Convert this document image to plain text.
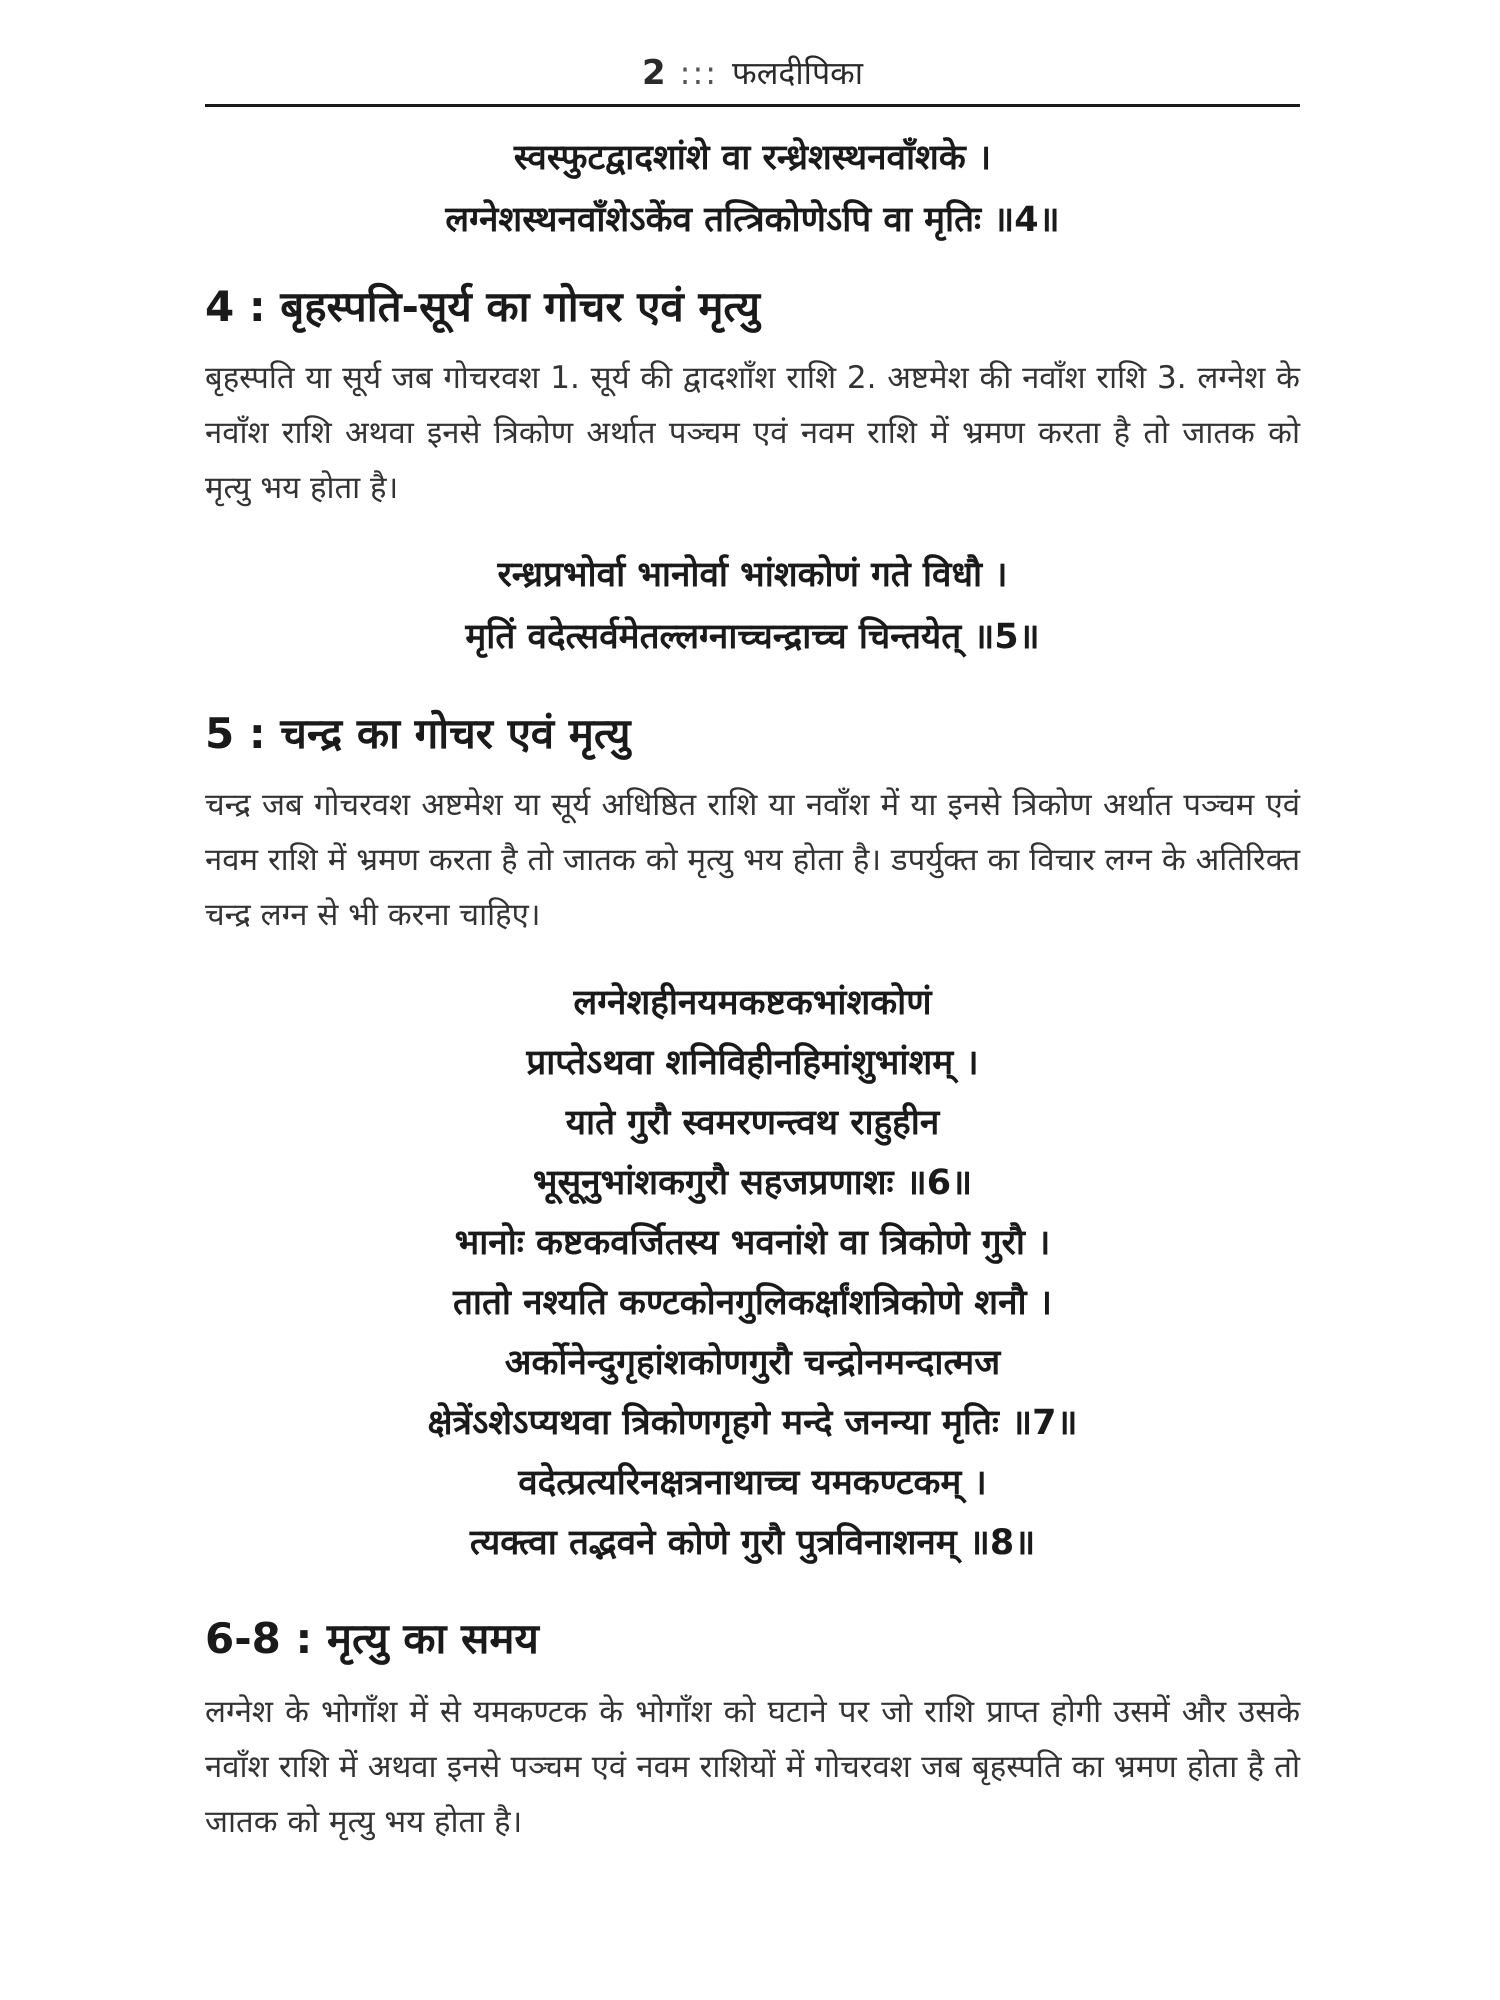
2 ::: फलदीपिका
स्वस्फुटद्वादशांशे वा रन्ध्रेशस्थनवाँशके ।
लग्नेशस्थनवाँशेऽकेंव तत्त्रिकोणेऽपि वा मृतिः ॥4॥
4 : बृहस्पति-सूर्य का गोचर एवं मृत्यु
बृहस्पति या सूर्य जब गोचरवश 1. सूर्य की द्वादशाँश राशि 2. अष्टमेश की नवाँश राशि 3. लग्नेश के नवाँश राशि अथवा इनसे त्रिकोण अर्थात पञ्चम एवं नवम राशि में भ्रमण करता है तो जातक को मृत्यु भय होता है।
रन्ध्रप्रभोर्वा भानोर्वा भांशकोणं गते विधौ ।
मृतिं वदेत्सर्वमेतल्लग्नाच्चन्द्राच्च चिन्तयेत् ॥5॥
5 : चन्द्र का गोचर एवं मृत्यु
चन्द्र जब गोचरवश अष्टमेश या सूर्य अधिष्ठित राशि या नवाँश में या इनसे त्रिकोण अर्थात पञ्चम एवं नवम राशि में भ्रमण करता है तो जातक को मृत्यु भय होता है। डपर्युक्त का विचार लग्न के अतिरिक्त चन्द्र लग्न से भी करना चाहिए।
लग्नेशहीनयमकष्टकभांशकोणं
प्राप्तेऽथवा शनिविहीनहिमांशुभांशम् ।
याते गुरौ स्वमरणन्त्वथ राहुहीन
भूसूनुभांशकगुरौ सहजप्रणाशः ॥6॥
भानोः कष्टकवर्जितस्य भवनांशे वा त्रिकोणे गुरौ ।
तातो नश्यति कण्टकोनगुलिकर्क्षांशत्रिकोणे शनौ ।
अर्कोनेन्दुगृहांशकोणगुरौ चन्द्रोनमन्दात्मज
क्षेत्रेंऽशेऽप्यथवा त्रिकोणगृहगे मन्दे जनन्या मृतिः ॥7॥
वदेत्प्रत्यरिनक्षत्रनाथाच्च यमकण्टकम् ।
त्यक्त्वा तद्भवने कोणे गुरौ पुत्रविनाशनम् ॥8॥
6-8 : मृत्यु का समय
लग्नेश के भोगाँश में से यमकण्टक के भोगाँश को घटाने पर जो राशि प्राप्त होगी उसमें और उसके नवाँश राशि में अथवा इनसे पञ्चम एवं नवम राशियों में गोचरवश जब बृहस्पति का भ्रमण होता है तो जातक को मृत्यु भय होता है।
